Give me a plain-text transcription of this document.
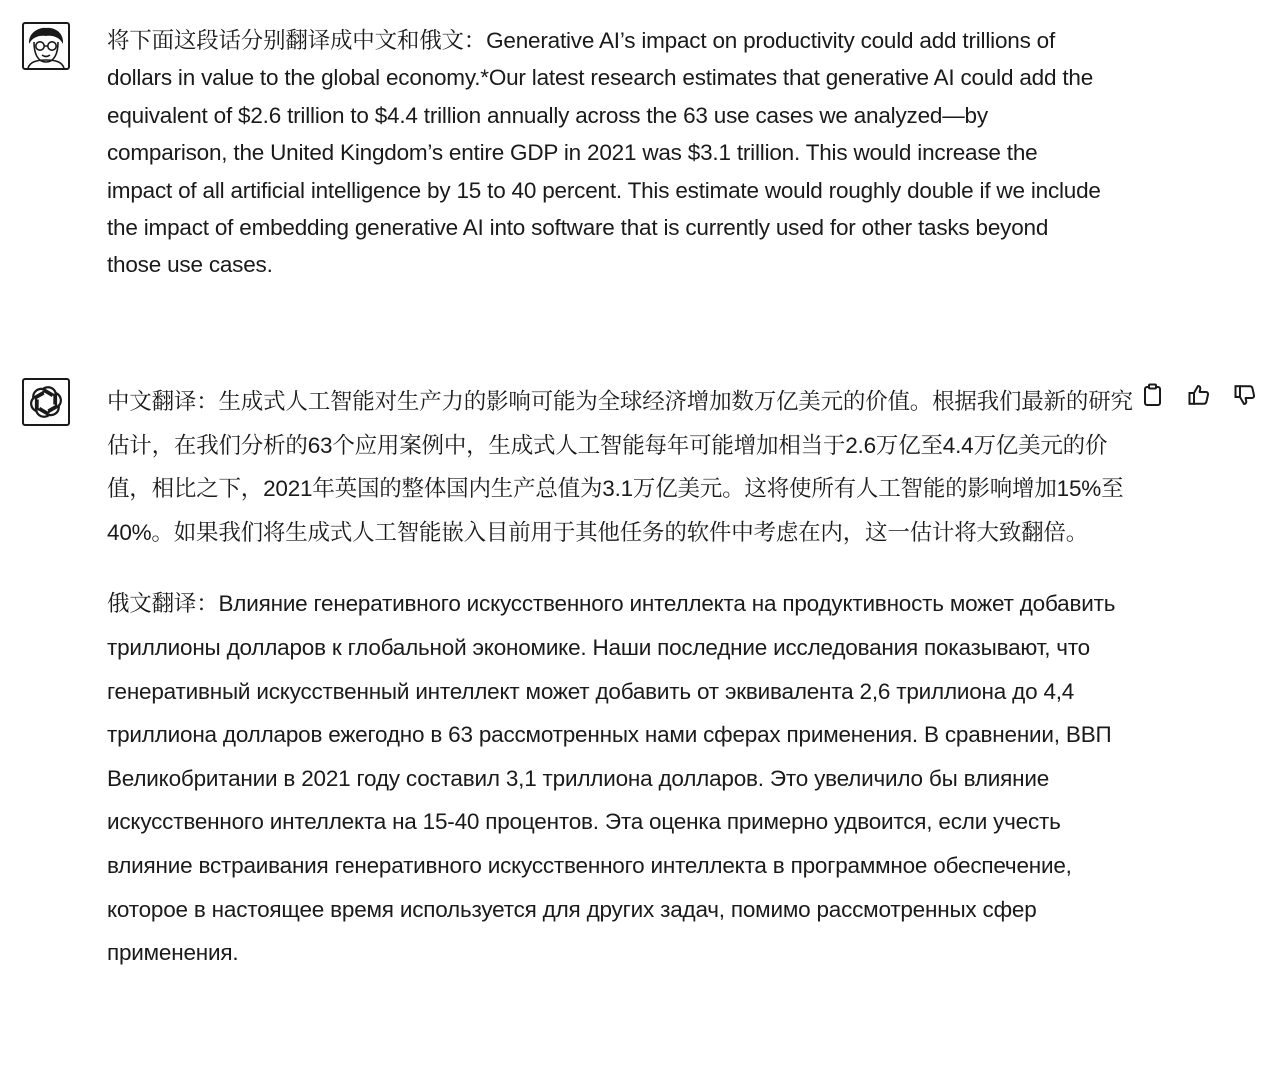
将下面这段话分别翻译成中文和俄文：Generative AI’s impact on productivity could add trillions of dollars in value to the global economy.*Our latest research estimates that generative AI could add the equivalent of $2.6 trillion to $4.4 trillion annually across the 63 use cases we analyzed—by comparison, the United Kingdom’s entire GDP in 2021 was $3.1 trillion. This would increase the impact of all artificial intelligence by 15 to 40 percent. This estimate would roughly double if we include the impact of embedding generative AI into software that is currently used for other tasks beyond those use cases.

中文翻译：生成式人工智能对生产力的影响可能为全球经济增加数万亿美元的价值。根据我们最新的研究估计，在我们分析的63个应用案例中，生成式人工智能每年可能增加相当于2.6万亿至4.4万亿美元的价值，相比之下，2021年英国的整体国内生产总值为3.1万亿美元。这将使所有人工智能的影响增加15%至40%。如果我们将生成式人工智能嵌入目前用于其他任务的软件中考虑在内，这一估计将大致翻倍。

俄文翻译：Влияние генеративного искусственного интеллекта на продуктивность может добавить триллионы долларов к глобальной экономике. Наши последние исследования показывают, что генеративный искусственный интеллект может добавить от эквивалента 2,6 триллиона до 4,4 триллиона долларов ежегодно в 63 рассмотренных нами сферах применения. В сравнении, ВВП Великобритании в 2021 году составил 3,1 триллиона долларов. Это увеличило бы влияние искусственного интеллекта на 15-40 процентов. Эта оценка примерно удвоится, если учесть влияние встраивания генеративного искусственного интеллекта в программное обеспечение, которое в настоящее время используется для других задач, помимо рассмотренных сфер применения.
